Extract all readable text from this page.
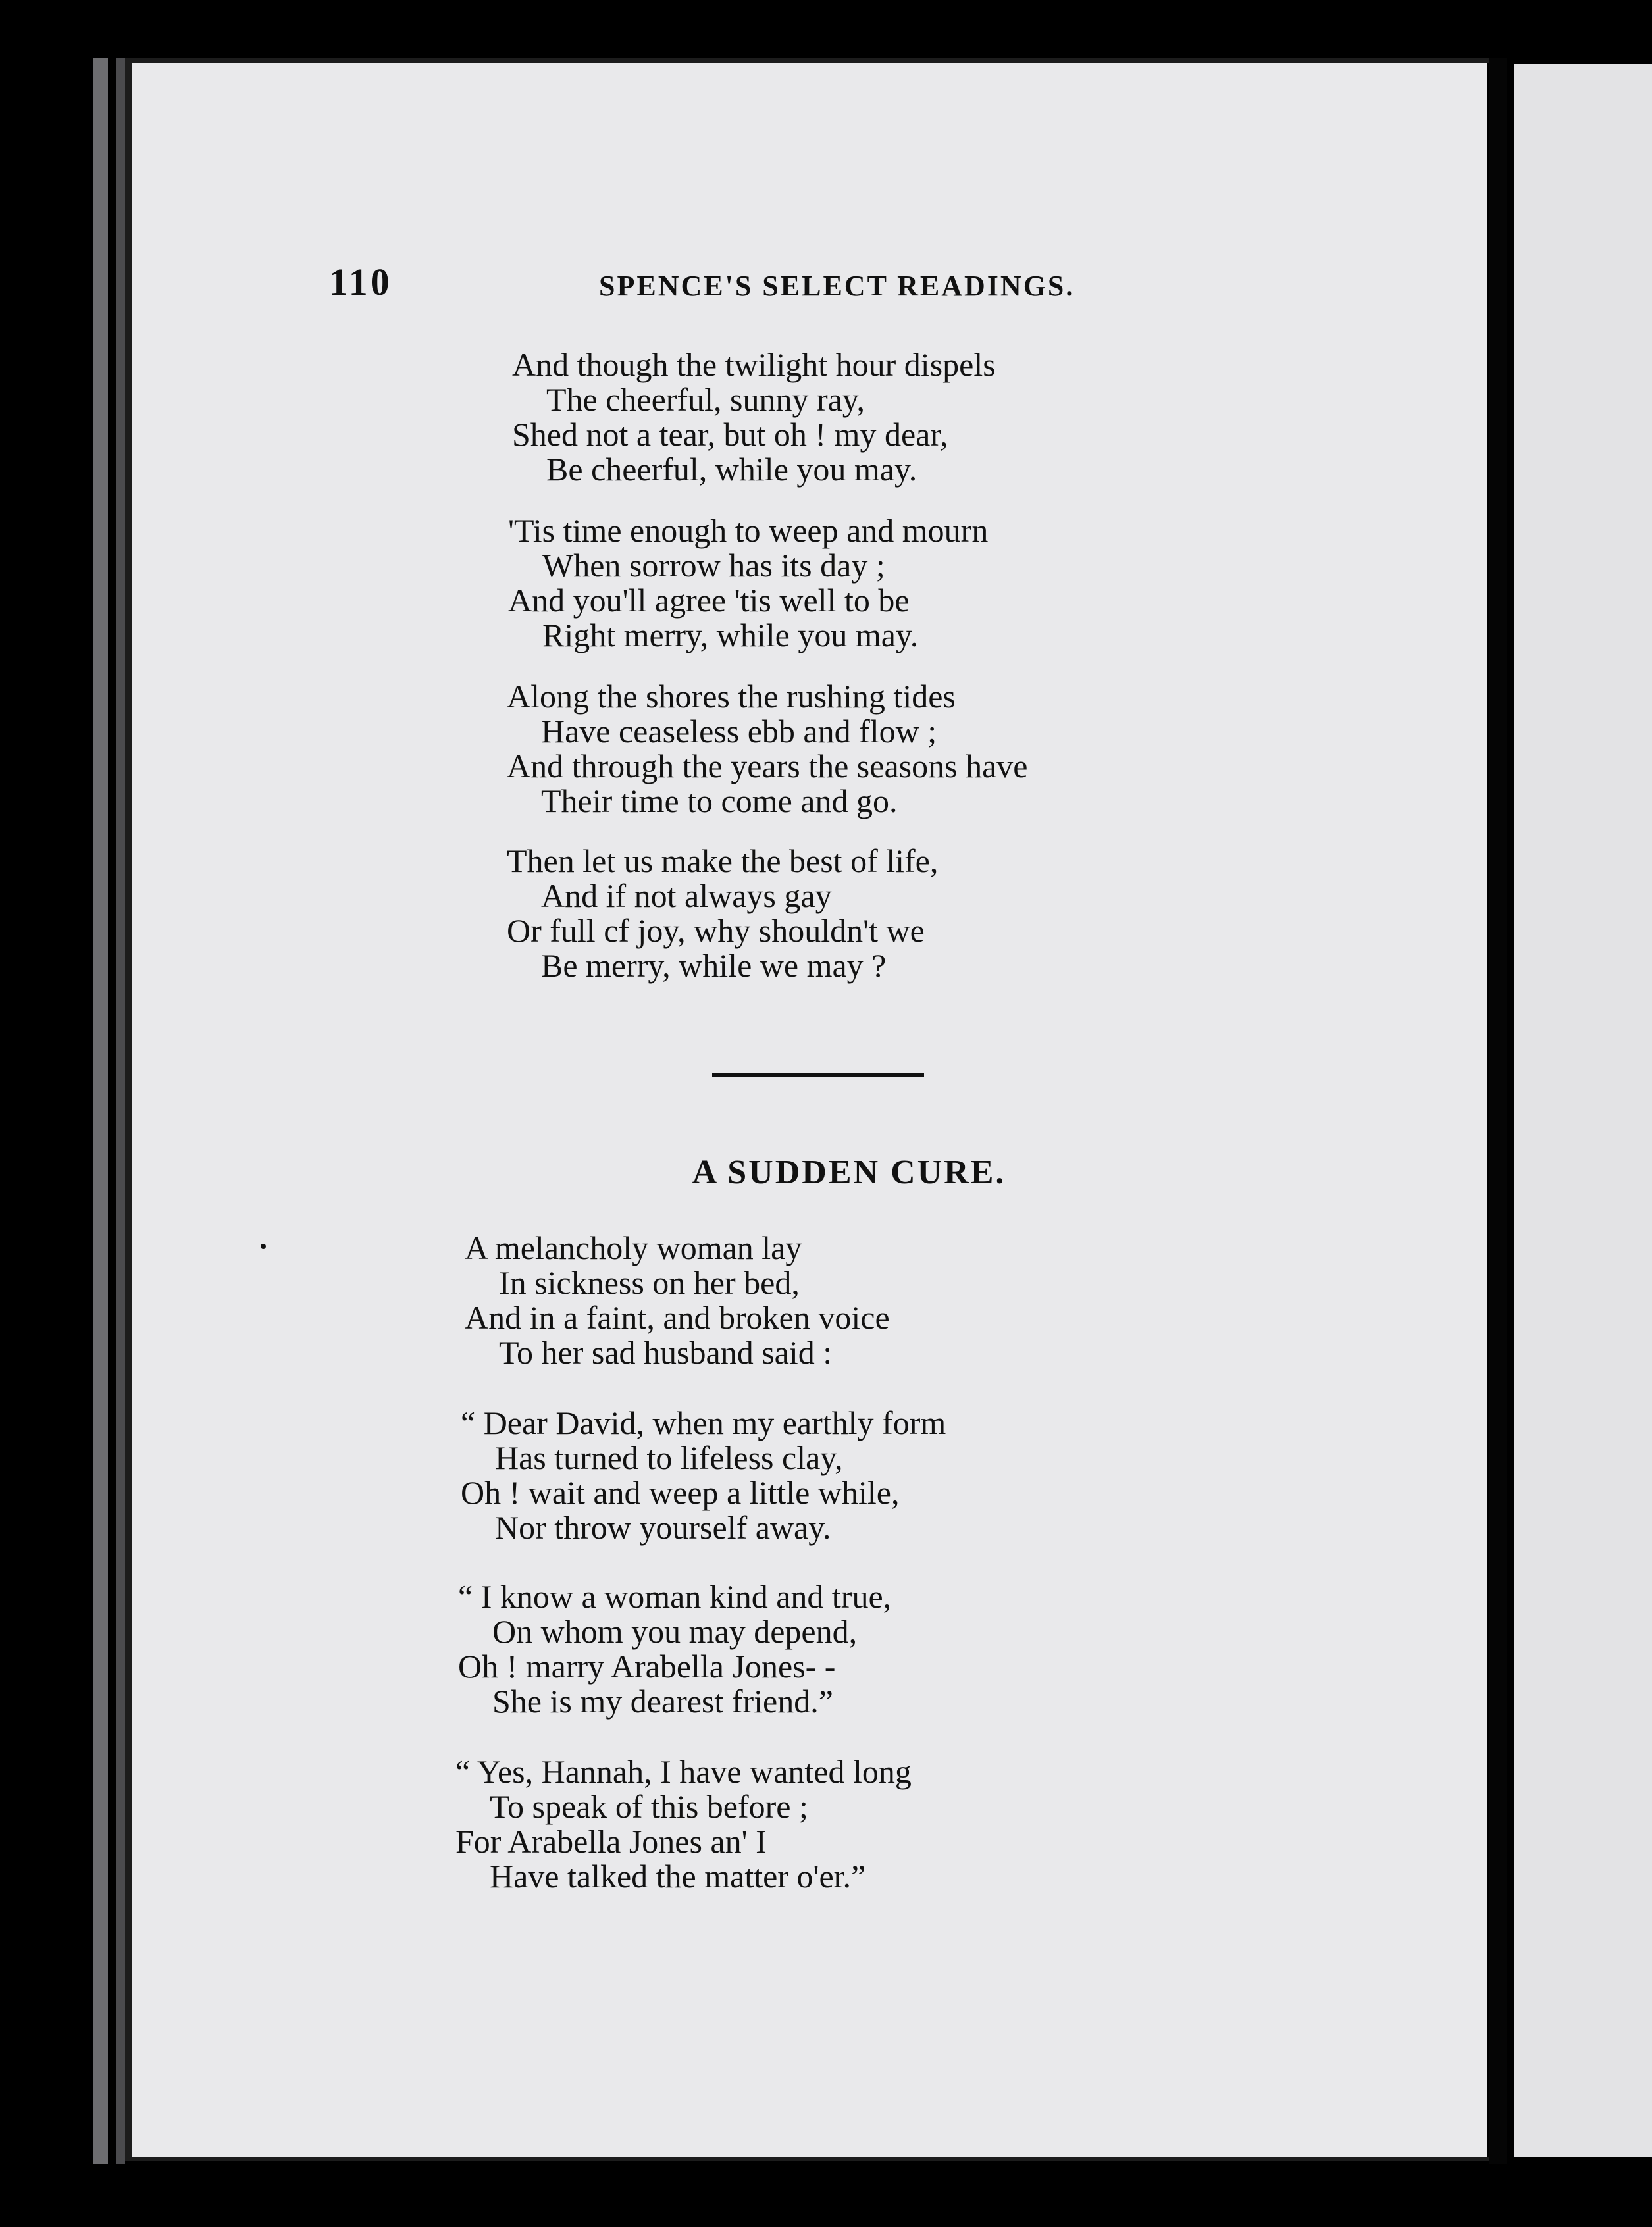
110	SPENCE'S SELECT READINGS.

And though the twilight hour dispels
The cheerful, sunny ray,
Shed not a tear, but oh ! my dear,
Be cheerful, while you may.

'Tis time enough to weep and mourn
When sorrow has its day ;
And you'll agree 'tis well to be
Right merry, while you may.

Along the shores the rushing tides
Have ceaseless ebb and flow ;
And through the years the seasons have
Their time to come and go.

Then let us make the best of life,
And if not always gay
Or full cf joy, why shouldn't we
Be merry, while we may ?

A SUDDEN CURE.

A melancholy woman lay
In sickness on her bed,
And in a faint, and broken voice
To her sad husband said :

“ Dear David, when my earthly form
Has turned to lifeless clay,
Oh ! wait and weep a little while,
Nor throw yourself away.

“ I know a woman kind and true,
On whom you may depend,
Oh ! marry Arabella Jones- -
She is my dearest friend.”

“ Yes, Hannah, I have wanted long
To speak of this before ;
For Arabella Jones an' I
Have talked the matter o'er.”
